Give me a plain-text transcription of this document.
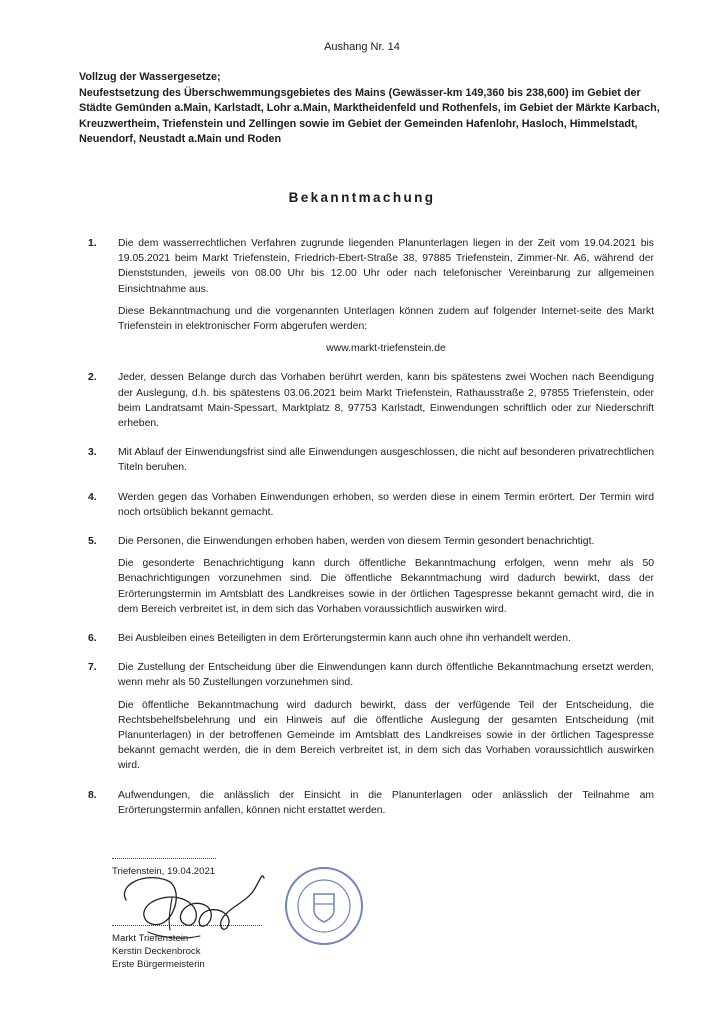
Aushang Nr. 14
Vollzug der Wassergesetze;
Neufestsetzung des Überschwemmungsgebietes des Mains (Gewässer-km 149,360 bis 238,600) im Gebiet der Städte Gemünden a.Main, Karlstadt, Lohr a.Main, Marktheidenfeld und Rothenfels, im Gebiet der Märkte Karbach, Kreuzwertheim, Triefenstein und Zellingen sowie im Gebiet der Gemeinden Hafenlohr, Hasloch, Himmelstadt, Neuendorf, Neustadt a.Main und Roden
Bekanntmachung
1. Die dem wasserrechtlichen Verfahren zugrunde liegenden Planunterlagen liegen in der Zeit vom 19.04.2021 bis 19.05.2021 beim Markt Triefenstein, Friedrich-Ebert-Straße 38, 97885 Triefenstein, Zimmer-Nr. A6, während der Dienststunden, jeweils von 08.00 Uhr bis 12.00 Uhr oder nach telefonischer Vereinbarung zur allgemeinen Einsichtnahme aus.

Diese Bekanntmachung und die vorgenannten Unterlagen können zudem auf folgender Internet-seite des Markt Triefenstein in elektronischer Form abgerufen werden:

www.markt-triefenstein.de

2. Jeder, dessen Belange durch das Vorhaben berührt werden, kann bis spätestens zwei Wochen nach Beendigung der Auslegung, d.h. bis spätestens 03.06.2021 beim Markt Triefenstein, Rathausstraße 2, 97855 Triefenstein, oder beim Landratsamt Main-Spessart, Marktplatz 8, 97753 Karlstadt, Einwendungen schriftlich oder zur Niederschrift erheben.

3. Mit Ablauf der Einwendungsfrist sind alle Einwendungen ausgeschlossen, die nicht auf besonderen privatrechtlichen Titeln beruhen.

4. Werden gegen das Vorhaben Einwendungen erhoben, so werden diese in einem Termin erörtert. Der Termin wird noch ortsüblich bekannt gemacht.

5. Die Personen, die Einwendungen erhoben haben, werden von diesem Termin gesondert benachrichtigt.

Die gesonderte Benachrichtigung kann durch öffentliche Bekanntmachung erfolgen, wenn mehr als 50 Benachrichtigungen vorzunehmen sind. Die öffentliche Bekanntmachung wird dadurch bewirkt, dass der Erörterungstermin im Amtsblatt des Landkreises sowie in der örtlichen Tagespresse bekannt gemacht wird, die in dem Bereich verbreitet ist, in dem sich das Vorhaben voraussichtlich auswirken wird.

6. Bei Ausbleiben eines Beteiligten in dem Erörterungstermin kann auch ohne ihn verhandelt werden.

7. Die Zustellung der Entscheidung über die Einwendungen kann durch öffentliche Bekanntmachung ersetzt werden, wenn mehr als 50 Zustellungen vorzunehmen sind.

Die öffentliche Bekanntmachung wird dadurch bewirkt, dass der verfügende Teil der Entscheidung, die Rechtsbehelfsbelehrung und ein Hinweis auf die öffentliche Auslegung der gesamten Entscheidung (mit Planunterlagen) in der betroffenen Gemeinde im Amtsblatt des Landkreises sowie in der örtlichen Tagespresse bekannt gemacht werden, die in dem Bereich verbreitet ist, in dem sich das Vorhaben voraussichtlich auswirken wird.

8. Aufwendungen, die anlässlich der Einsicht in die Planunterlagen oder anlässlich der Teilnahme am Erörterungstermin anfallen, können nicht erstattet werden.

Triefenstein, 19.04.2021
Markt Triefenstein
Kerstin Deckenbrock
Erste Bürgermeisterin
